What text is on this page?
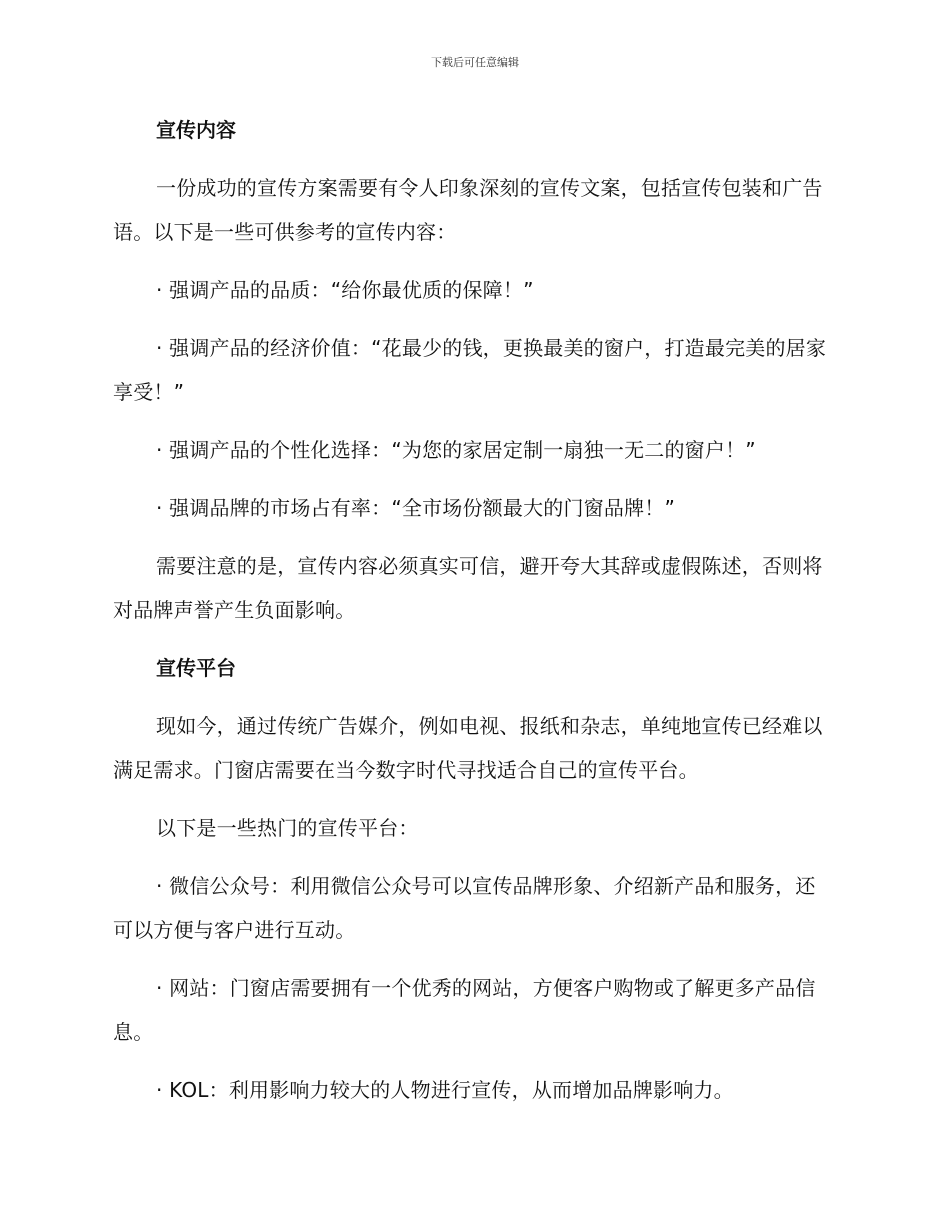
下载后可任意编辑
宣传内容
一份成功的宣传方案需要有令人印象深刻的宣传文案，包括宣传包装和广告语。以下是一些可供参考的宣传内容：
· 强调产品的品质：“给你最优质的保障！”
· 强调产品的经济价值：“花最少的钱，更换最美的窗户，打造最完美的居家享受！”
· 强调产品的个性化选择：“为您的家居定制一扇独一无二的窗户！”
· 强调品牌的市场占有率：“全市场份额最大的门窗品牌！”
需要注意的是，宣传内容必须真实可信，避开夸大其辞或虚假陈述，否则将对品牌声誉产生负面影响。
宣传平台
现如今，通过传统广告媒介，例如电视、报纸和杂志，单纯地宣传已经难以满足需求。门窗店需要在当今数字时代寻找适合自己的宣传平台。
以下是一些热门的宣传平台：
· 微信公众号：利用微信公众号可以宣传品牌形象、介绍新产品和服务，还可以方便与客户进行互动。
· 网站：门窗店需要拥有一个优秀的网站，方便客户购物或了解更多产品信息。
· KOL：利用影响力较大的人物进行宣传，从而增加品牌影响力。
